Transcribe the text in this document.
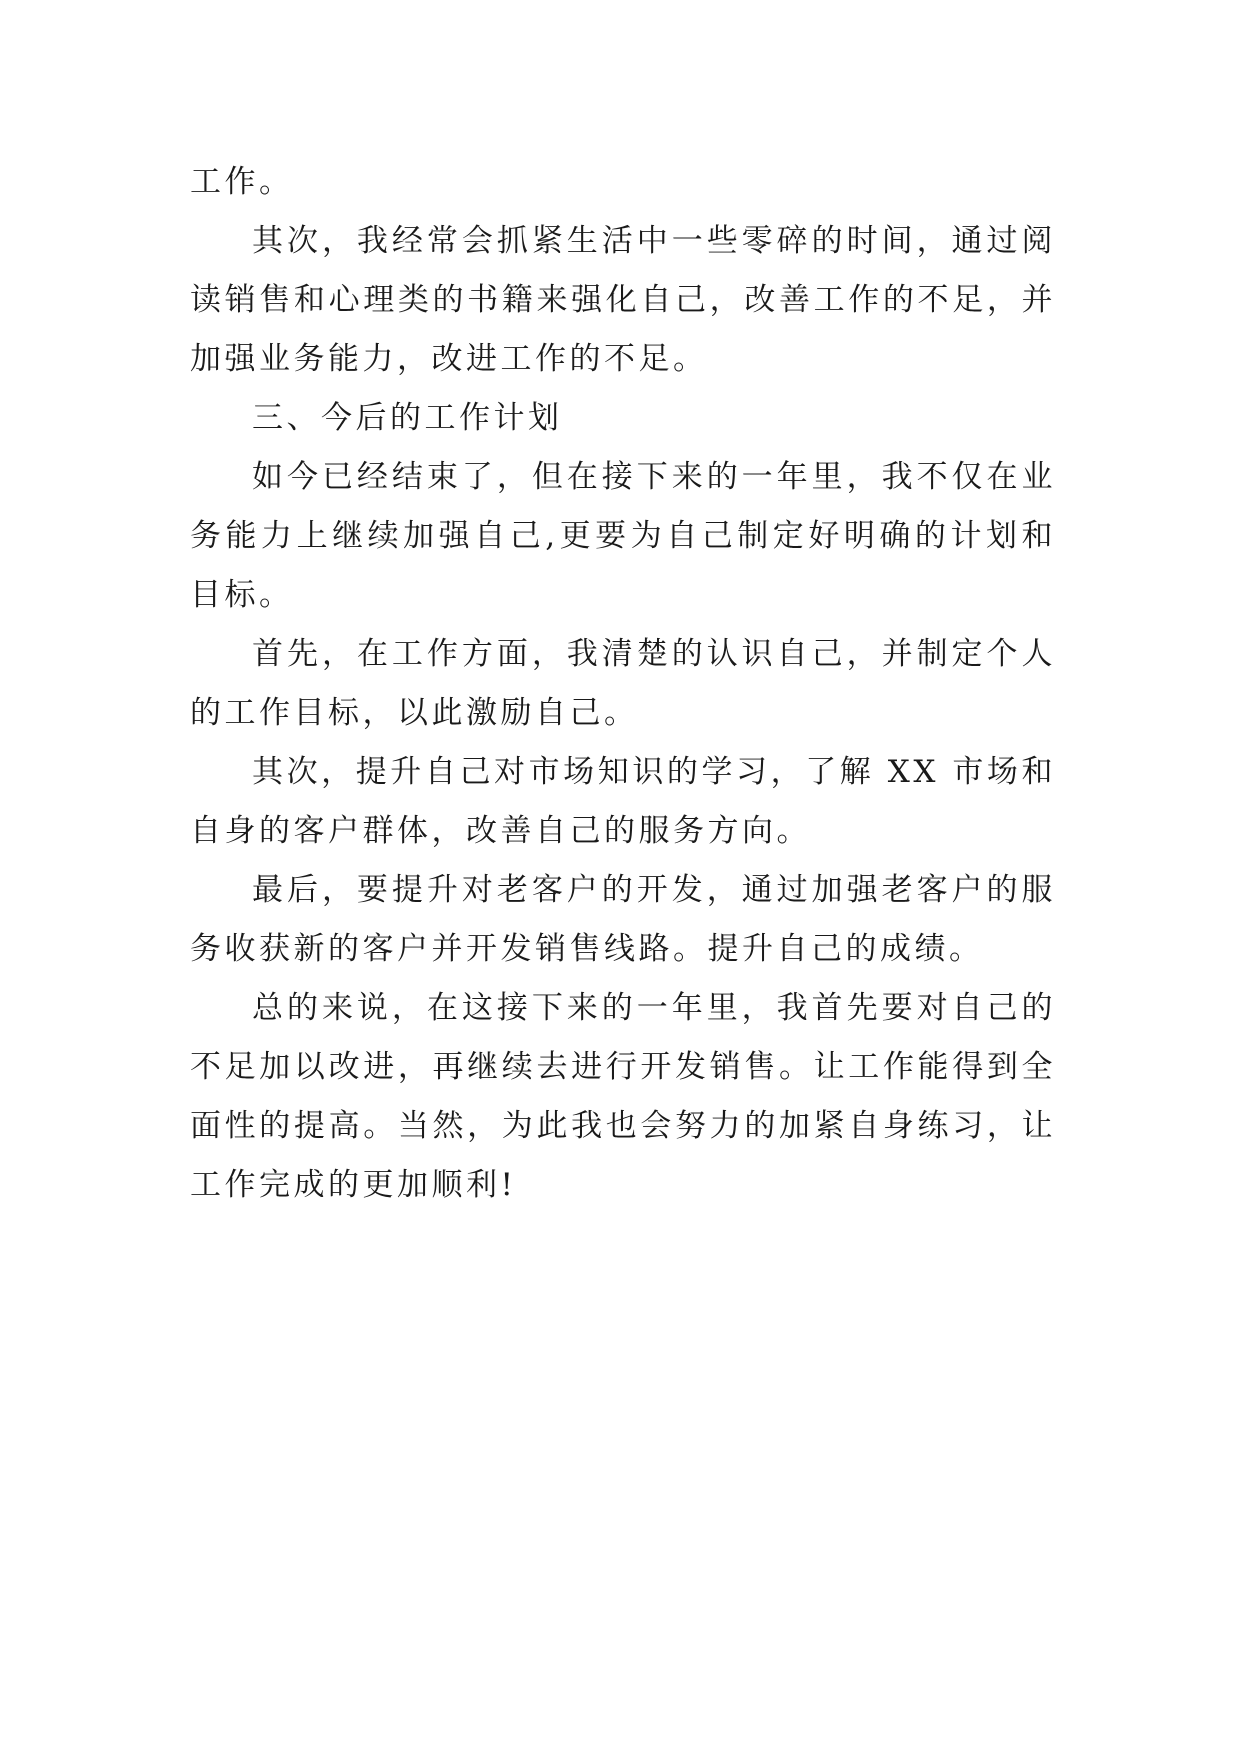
工作。

其次，我经常会抓紧生活中一些零碎的时间，通过阅读销售和心理类的书籍来强化自己，改善工作的不足，并加强业务能力，改进工作的不足。

三、今后的工作计划

如今已经结束了，但在接下来的一年里，我不仅在业务能力上继续加强自己,更要为自己制定好明确的计划和目标。

首先，在工作方面，我清楚的认识自己，并制定个人的工作目标，以此激励自己。

其次，提升自己对市场知识的学习，了解 XX 市场和自身的客户群体，改善自己的服务方向。

最后，要提升对老客户的开发，通过加强老客户的服务收获新的客户并开发销售线路。提升自己的成绩。

总的来说，在这接下来的一年里，我首先要对自己的不足加以改进，再继续去进行开发销售。让工作能得到全面性的提高。当然，为此我也会努力的加紧自身练习，让工作完成的更加顺利!
